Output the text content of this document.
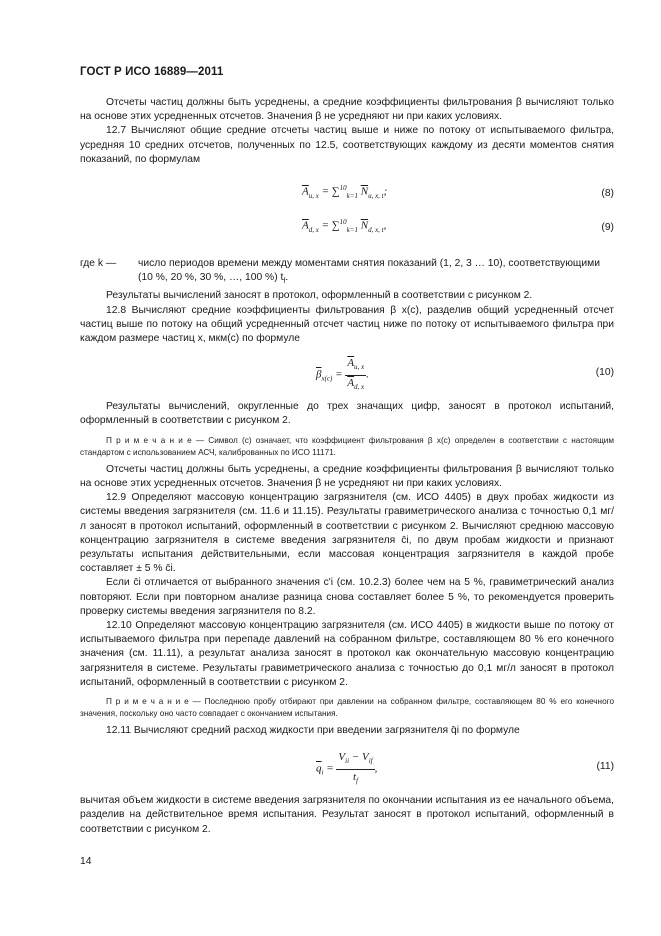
ГОСТ Р ИСО 16889—2011

Отсчеты частиц должны быть усреднены, а средние коэффициенты фильтрования β вычисляют только на основе этих усредненных отсчетов. Значения β не усредняют ни при каких условиях.

12.7 Вычисляют общие средние отсчеты частиц выше и ниже по потоку от испытываемого фильтра, усредняя 10 средних отсчетов, полученных по 12.5, соответствующих каждому из десяти моментов снятия показаний, по формулам

$\overline{A}_{u, x} = \sum^{10}_{k=1}$ $\overline{N}_{u, x, t}$;	(8)
$\overline{A}_{d, x} = \sum^{10}_{k=1}$ $\overline{N}_{d, x, t}$,	(9)
где k —	число периодов времени между моментами снятия показаний (1, 2, 3 … 10), соответствующими (10 %, 20 %, 30 %, …, 100 %) $t_f$.

Результаты вычислений заносят в протокол, оформленный в соответствии с рисунком 2.

12.8 Вычисляют средние коэффициенты фильтрования β x(c), разделив общий усредненный отсчет частиц выше по потоку на общий усредненный отсчет частиц ниже по потоку от испытываемого фильтра при каждом размере частиц x, мкм(c) по формуле

$\overline{\beta}_{x(c)} = \frac{\overline{A}_{u, x}}{\overline{A}_{d, x}}$ .	(10)

Результаты вычислений, округленные до трех значащих цифр, заносят в протокол испытаний, оформленный в соответствии с рисунком 2.

П р и м е ч а н и е — Символ (c) означает, что коэффициент фильтрования β x(c) определен в соответствии с настоящим стандартом с использованием АСЧ, калиброванных по ИСО 11171.

Отсчеты частиц должны быть усреднены, а средние коэффициенты фильтрования β вычисляют только на основе этих усредненных отсчетов. Значения β не усредняют ни при каких условиях.

12.9 Определяют массовую концентрацию загрязнителя (см. ИСО 4405) в двух пробах жидкости из системы введения загрязнителя (см. 11.6 и 11.15). Результаты гравиметрического анализа с точностью 0,1 мг/л заносят в протокол испытаний, оформленный в соответствии с рисунком 2. Вычисляют среднюю массовую концентрацию загрязнителя в системе введения загрязнителя c̄i, по двум пробам жидкости и признают результаты испытания действительными, если массовая концентрация загрязнителя в каждой пробе составляет ± 5 % c̄i.

Если c̄i отличается от выбранного значения c'i (см. 10.2.3) более чем на 5 %, гравиметрический анализ повторяют. Если при повторном анализе разница снова составляет более 5 %, то рекомендуется проверить проверку системы введения загрязнителя по 8.2.

12.10 Определяют массовую концентрацию загрязнителя (см. ИСО 4405) в жидкости выше по потоку от испытываемого фильтра при перепаде давлений на собранном фильтре, составляющем 80 % его конечного значения (см. 11.11), а результат анализа заносят в протокол как окончательную массовую концентрацию загрязнителя в системе. Результаты гравиметрического анализа с точностью до 0,1 мг/л заносят в протокол испытаний, оформленный в соответствии с рисунком 2.

П р и м е ч а н и е — Последнюю пробу отбирают при давлении на собранном фильтре, составляющем 80 % его конечного значения, поскольку оно часто совпадает с окончанием испытания.

12.11 Вычисляют средний расход жидкости при введении загрязнителя q̄i по формуле

$\overline{q}_i = \frac{V_{ii} - V_{if}}{t_f}$ ,	(11)

вычитая объем жидкости в системе введения загрязнителя по окончании испытания из ее начального объема, разделив на действительное время испытания. Результат заносят в протокол испытаний, оформленный в соответствии с рисунком 2.

14
